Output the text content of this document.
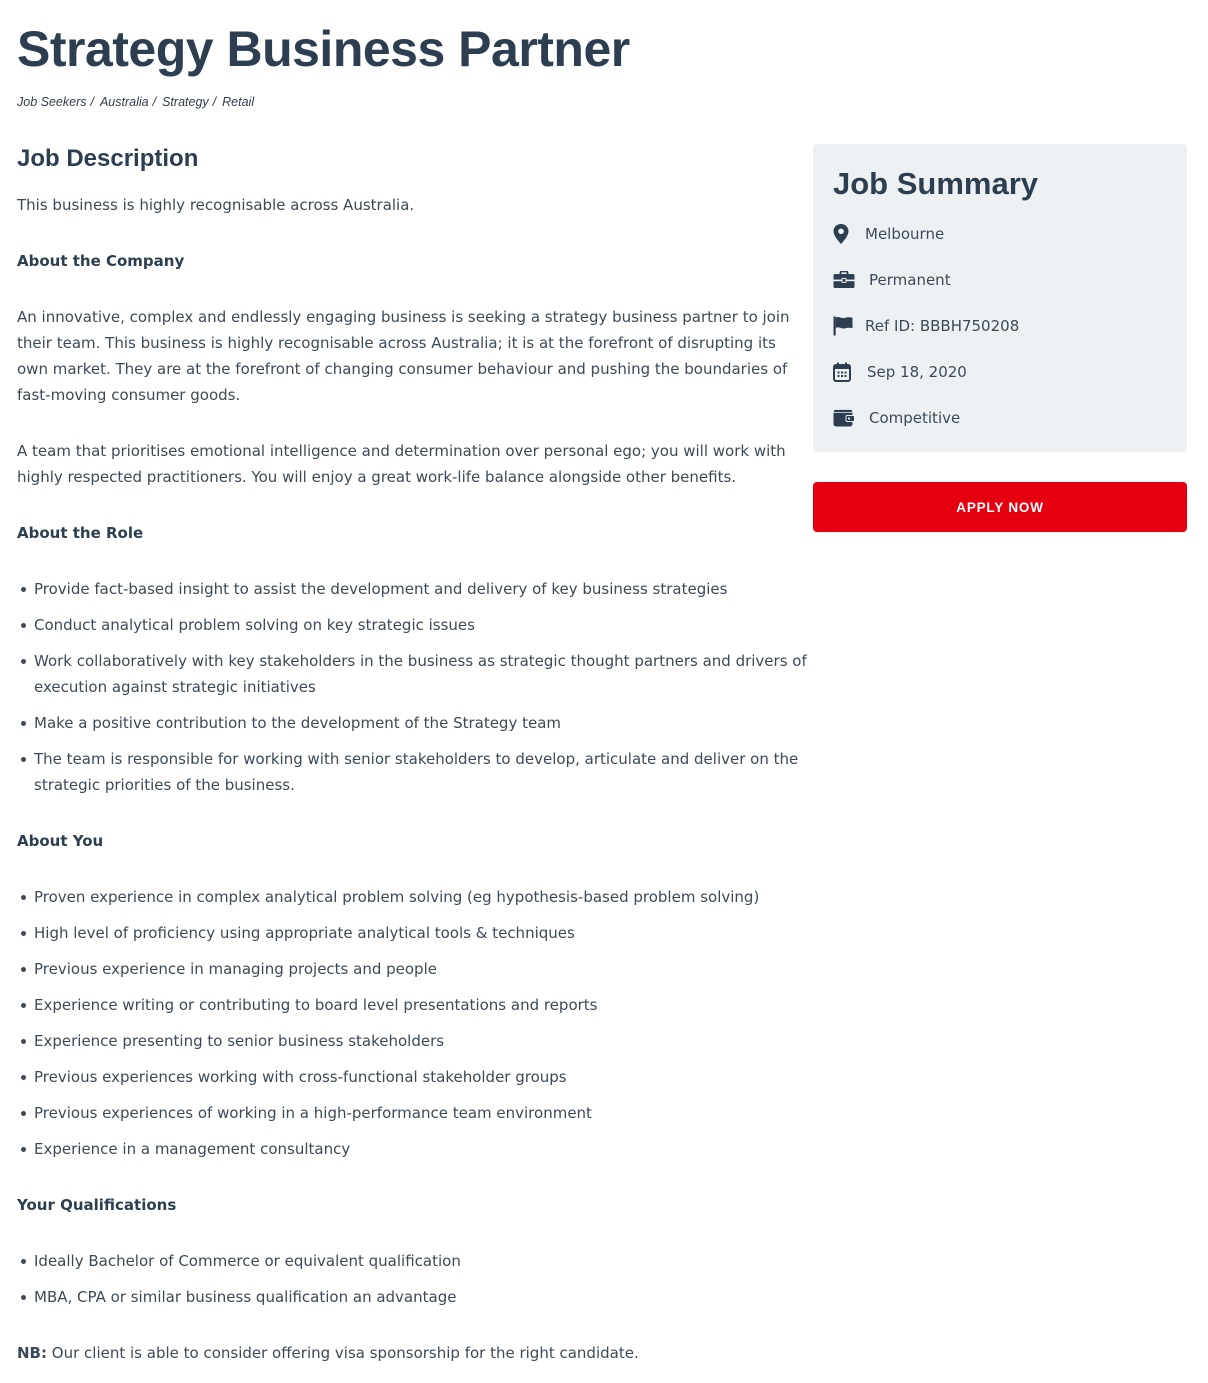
Strategy Business Partner
Job Seekers / Australia / Strategy / Retail
Job Description

This business is highly recognisable across Australia.

About the Company

An innovative, complex and endlessly engaging business is seeking a strategy business partner to join their team. This business is highly recognisable across Australia; it is at the forefront of disrupting its own market. They are at the forefront of changing consumer behaviour and pushing the boundaries of fast-moving consumer goods.

A team that prioritises emotional intelligence and determination over personal ego; you will work with highly respected practitioners. You will enjoy a great work-life balance alongside other benefits.

About the Role
Provide fact-based insight to assist the development and delivery of key business strategies
Conduct analytical problem solving on key strategic issues
Work collaboratively with key stakeholders in the business as strategic thought partners and drivers of execution against strategic initiatives
Make a positive contribution to the development of the Strategy team
The team is responsible for working with senior stakeholders to develop, articulate and deliver on the strategic priorities of the business.
About You
Proven experience in complex analytical problem solving (eg hypothesis-based problem solving)
High level of proficiency using appropriate analytical tools & techniques
Previous experience in managing projects and people
Experience writing or contributing to board level presentations and reports
Experience presenting to senior business stakeholders
Previous experiences working with cross-functional stakeholder groups
Previous experiences of working in a high-performance team environment
Experience in a management consultancy
Your Qualifications
Ideally Bachelor of Commerce or equivalent qualification
MBA, CPA or similar business qualification an advantage

NB: Our client is able to consider offering visa sponsorship for the right candidate.

Job Summary
Melbourne
Permanent
Ref ID: BBBH750208
Sep 18, 2020
Competitive
APPLY NOW
